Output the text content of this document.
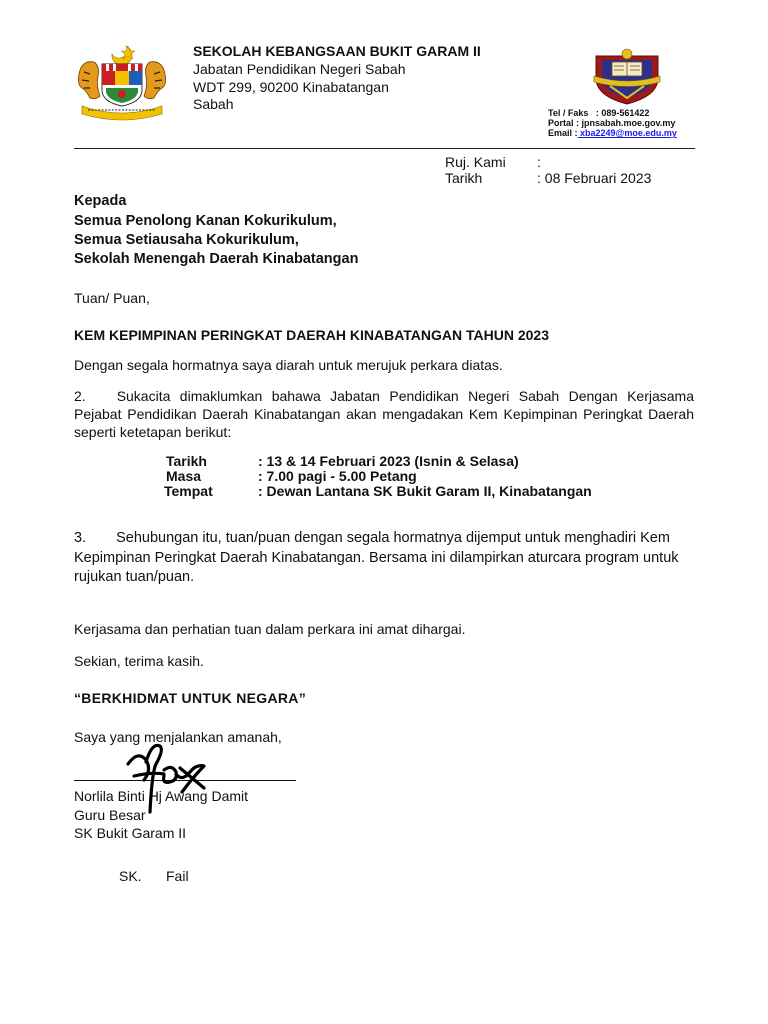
SEKOLAH KEBANGSAAN BUKIT GARAM II
Jabatan Pendidikan Negeri Sabah
WDT 299, 90200 Kinabatangan
Sabah
Tel / Faks : 089-561422
Portal : jpnsabah.moe.gov.my
Email : xba2249@moe.edu.my
Ruj. Kami :
Tarikh	: 08 Februari 2023
Kepada
Semua Penolong Kanan Kokurikulum,
Semua Setiausaha Kokurikulum,
Sekolah Menengah Daerah Kinabatangan
Tuan/ Puan,
KEM KEPIMPINAN PERINGKAT DAERAH KINABATANGAN TAHUN 2023
Dengan segala hormatnya saya diarah untuk merujuk perkara diatas.
2. Sukacita dimaklumkan bahawa Jabatan Pendidikan Negeri Sabah Dengan Kerjasama Pejabat Pendidikan Daerah Kinabatangan akan mengadakan Kem Kepimpinan Peringkat Daerah seperti ketetapan berikut:
Tarikh	: 13 & 14 Februari 2023 (Isnin & Selasa)
Masa	: 7.00 pagi - 5.00 Petang
Tempat	: Dewan Lantana SK Bukit Garam II, Kinabatangan
3. Sehubungan itu, tuan/puan dengan segala hormatnya dijemput untuk menghadiri Kem Kepimpinan Peringkat Daerah Kinabatangan. Bersama ini dilampirkan aturcara program untuk rujukan tuan/puan.
Kerjasama dan perhatian tuan dalam perkara ini amat dihargai.
Sekian, terima kasih.
“BERKHIDMAT UNTUK NEGARA”
Saya yang menjalankan amanah,
Norlila Binti Hj Awang Damit
Guru Besar
SK Bukit Garam II
SK. Fail
